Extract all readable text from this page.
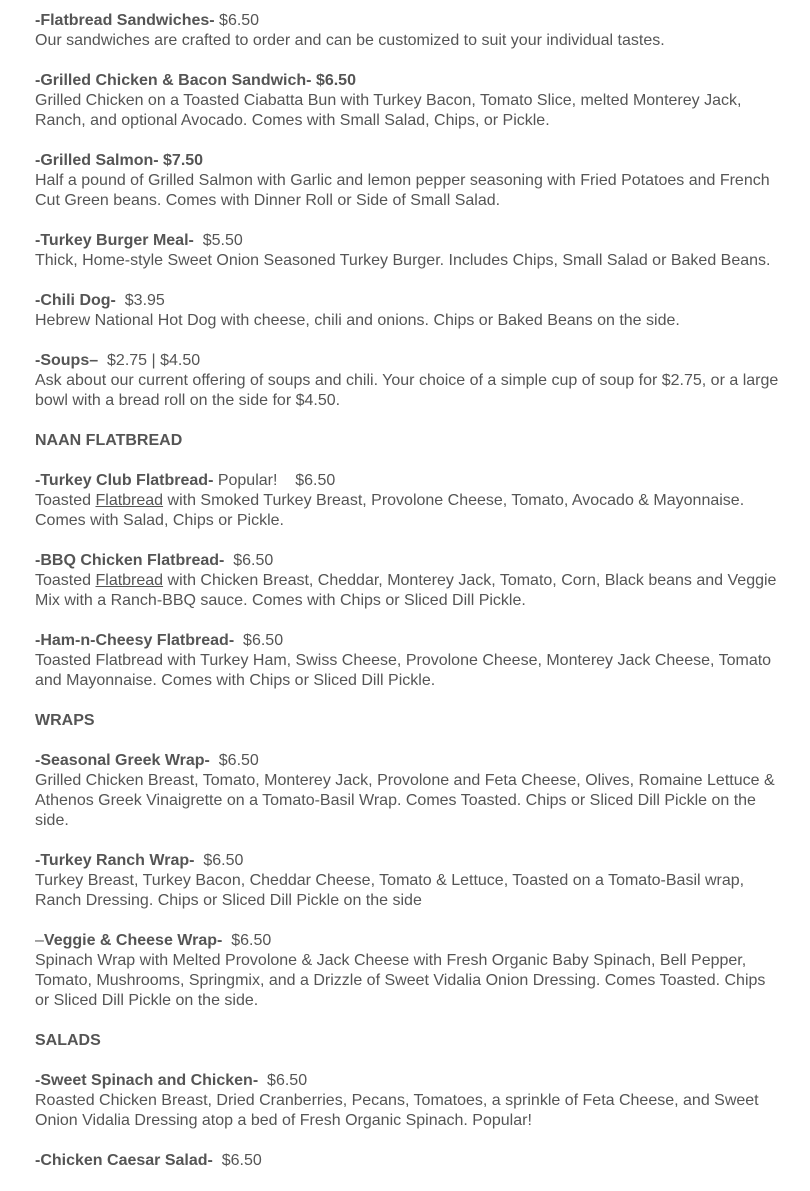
-Flatbread Sandwiches- $6.50
Our sandwiches are crafted to order and can be customized to suit your individual tastes.
-Grilled Chicken & Bacon Sandwich- $6.50
Grilled Chicken on a Toasted Ciabatta Bun with Turkey Bacon, Tomato Slice, melted Monterey Jack, Ranch, and optional Avocado. Comes with Small Salad, Chips, or Pickle.
-Grilled Salmon- $7.50
Half a pound of Grilled Salmon with Garlic and lemon pepper seasoning with Fried Potatoes and French Cut Green beans. Comes with Dinner Roll or Side of Small Salad.
-Turkey Burger Meal-  $5.50
Thick, Home-style Sweet Onion Seasoned Turkey Burger. Includes Chips, Small Salad or Baked Beans.
-Chili Dog-  $3.95
Hebrew National Hot Dog with cheese, chili and onions. Chips or Baked Beans on the side.
-Soups–  $2.75 | $4.50
Ask about our current offering of soups and chili. Your choice of a simple cup of soup for $2.75, or a large bowl with a bread roll on the side for $4.50.
NAAN FLATBREAD
-Turkey Club Flatbread- Popular!    $6.50
Toasted Flatbread with Smoked Turkey Breast, Provolone Cheese, Tomato, Avocado & Mayonnaise. Comes with Salad, Chips or Pickle.
-BBQ Chicken Flatbread-  $6.50
Toasted Flatbread with Chicken Breast, Cheddar, Monterey Jack, Tomato, Corn, Black beans and Veggie Mix with a Ranch-BBQ sauce. Comes with Chips or Sliced Dill Pickle.
-Ham-n-Cheesy Flatbread-  $6.50
Toasted Flatbread with Turkey Ham, Swiss Cheese, Provolone Cheese, Monterey Jack Cheese, Tomato and Mayonnaise. Comes with Chips or Sliced Dill Pickle.
WRAPS
-Seasonal Greek Wrap-  $6.50
Grilled Chicken Breast, Tomato, Monterey Jack, Provolone and Feta Cheese, Olives, Romaine Lettuce & Athenos Greek Vinaigrette on a Tomato-Basil Wrap. Comes Toasted. Chips or Sliced Dill Pickle on the side.
-Turkey Ranch Wrap-  $6.50
Turkey Breast, Turkey Bacon, Cheddar Cheese, Tomato & Lettuce, Toasted on a Tomato-Basil wrap, Ranch Dressing. Chips or Sliced Dill Pickle on the side
–Veggie & Cheese Wrap-  $6.50
Spinach Wrap with Melted Provolone & Jack Cheese with Fresh Organic Baby Spinach, Bell Pepper, Tomato, Mushrooms, Springmix, and a Drizzle of Sweet Vidalia Onion Dressing. Comes Toasted. Chips or Sliced Dill Pickle on the side.
SALADS
-Sweet Spinach and Chicken-  $6.50
Roasted Chicken Breast, Dried Cranberries, Pecans, Tomatoes, a sprinkle of Feta Cheese, and Sweet Onion Vidalia Dressing atop a bed of Fresh Organic Spinach. Popular!
-Chicken Caesar Salad-  $6.50
